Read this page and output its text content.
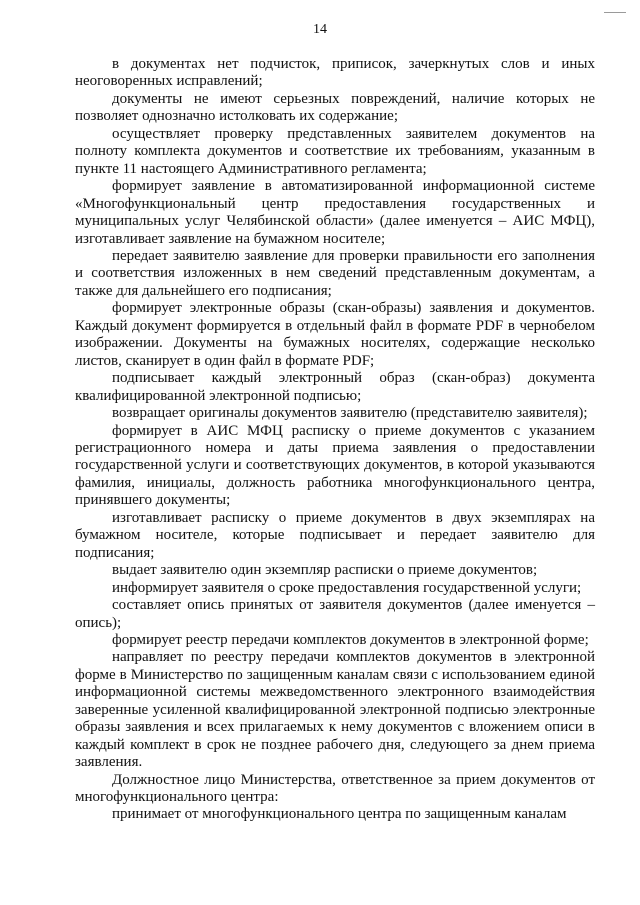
14

в документах нет подчисток, приписок, зачеркнутых слов и иных неоговоренных исправлений;

документы не имеют серьезных повреждений, наличие которых не позволяет однозначно истолковать их содержание;

осуществляет проверку представленных заявителем документов на полноту комплекта документов и соответствие их требованиям, указанным в пункте 11 настоящего Административного регламента;

формирует заявление в автоматизированной информационной системе «Многофункциональный центр предоставления государственных и муниципальных услуг Челябинской области» (далее именуется – АИС МФЦ), изготавливает заявление на бумажном носителе;

передает заявителю заявление для проверки правильности его заполнения и соответствия изложенных в нем сведений представленным документам, а также для дальнейшего его подписания;

формирует электронные образы (скан-образы) заявления и документов. Каждый документ формируется в отдельный файл в формате PDF в чернобелом изображении. Документы на бумажных носителях, содержащие несколько листов, сканирует в один файл в формате PDF;

подписывает каждый электронный образ (скан-образ) документа квалифицированной электронной подписью;

возвращает оригиналы документов заявителю (представителю заявителя);

формирует в АИС МФЦ расписку о приеме документов с указанием регистрационного номера и даты приема заявления о предоставлении государственной услуги и соответствующих документов, в которой указываются фамилия, инициалы, должность работника многофункционального центра, принявшего документы;

изготавливает расписку о приеме документов в двух экземплярах на бумажном носителе, которые подписывает и передает заявителю для подписания;

выдает заявителю один экземпляр расписки о приеме документов;

информирует заявителя о сроке предоставления государственной услуги;

составляет опись принятых от заявителя документов (далее именуется – опись);

формирует реестр передачи комплектов документов в электронной форме;

направляет по реестру передачи комплектов документов в электронной форме в Министерство по защищенным каналам связи с использованием единой информационной системы межведомственного электронного взаимодействия заверенные усиленной квалифицированной электронной подписью электронные образы заявления и всех прилагаемых к нему документов с вложением описи в каждый комплект в срок не позднее рабочего дня, следующего за днем приема заявления.

Должностное лицо Министерства, ответственное за прием документов от многофункционального центра:

принимает от многофункционального центра по защищенным каналам
